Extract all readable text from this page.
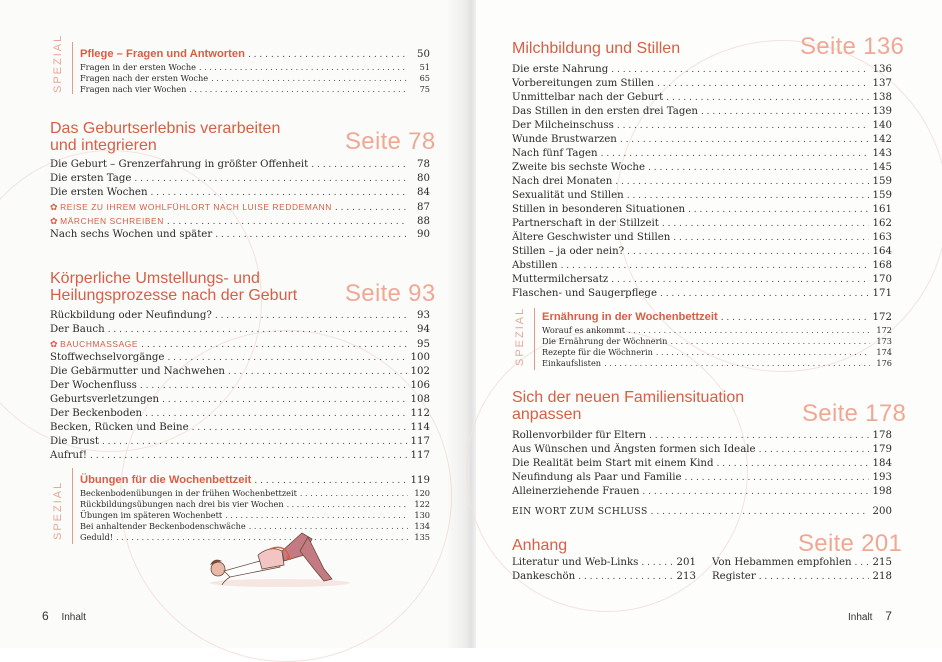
SPEZIAL Pflege – Fragen und Antworten . . .	50
Fragen in der ersten Woche . . .	51
Fragen nach der ersten Woche . . .	65
Fragen nach vier Wochen . . .	75
Das Geburtserlebnis verarbeiten
und integrieren	Seite 78
Die Geburt – Grenzerfahrung in größter Offenheit . . .	78
Die ersten Tage . . .	80
Die ersten Wochen . . .	84
✿ REISE ZU IHREM WOHLFÜHLORT NACH LUISE REDDEMANN . . .	87
✿ MÄRCHEN SCHREIBEN . . .	88
Nach sechs Wochen und später . . .	90
Körperliche Umstellungs- und
Heilungsprozesse nach der Geburt Seite 93
Rückbildung oder Neufindung? . . .	93
Der Bauch . . .	94
✿ BAUCHMASSAGE . . .	95
Stoffwechselvorgänge . . .	100
Die Gebärmutter und Nachwehen . . .	102
Der Wochenfluss . . .	106
Geburtsverletzungen . . .	108
Der Beckenboden . . .	112
Becken, Rücken und Beine . . .	114
Die Brust . . .	117
Aufruf! . . .	117
SPEZIAL
Übungen für die Wochenbettzeit . . .	119
Beckenbodenübungen in der frühen Wochenbettzeit . . .	120
Rückbildungsübungen nach drei bis vier Wochen . . .	122
Übungen im späteren Wochenbett . . .	130
Bei anhaltender Beckenbodenschwäche . . .	134
Geduld! . . .	135
6 Inhalt
Milchbildung und Stillen	Seite 136
Die erste Nahrung . . .	136
Vorbereitungen zum Stillen . . .	137
Unmittelbar nach der Geburt . . .	138
Das Stillen in den ersten drei Tagen . . .	139
Der Milcheinschuss . . .	140
Wunde Brustwarzen . . .	142
Nach fünf Tagen . . .	143
Zweite bis sechste Woche . . .	145
Nach drei Monaten . . .	159
Sexualität und Stillen . . .	159
Stillen in besonderen Situationen . . .	161
Partnerschaft in der Stillzeit . . .	162
Ältere Geschwister und Stillen . . .	163
Stillen – ja oder nein? . . .	164
Abstillen . . .	168
Muttermilchersatz . . .	170
Flaschen- und Saugerpflege . . .	171
SPEZIAL Ernährung in der Wochenbettzeit . . .	172
Worauf es ankommt . . .	172
Die Ernährung der Wöchnerin . . .	173
Rezepte für die Wöchnerin . . .	174
Einkaufslisten . . .	176
Sich der neuen Familiensituation
anpassen	Seite 178
Rollenvorbilder für Eltern . . .	178
Aus Wünschen und Ängsten formen sich Ideale . . .	179
Die Realität beim Start mit einem Kind . . .	184
Neufindung als Paar und Familie . . .	193
Alleinerziehende Frauen . . .	198
EIN WORT ZUM SCHLUSS . . .	200
Anhang	Seite 201
Literatur und Web-Links . . .	201
Dankeschön . . .	213
Von Hebammen empfohlen . . .	215
Register . . .	218
Inhalt 7
